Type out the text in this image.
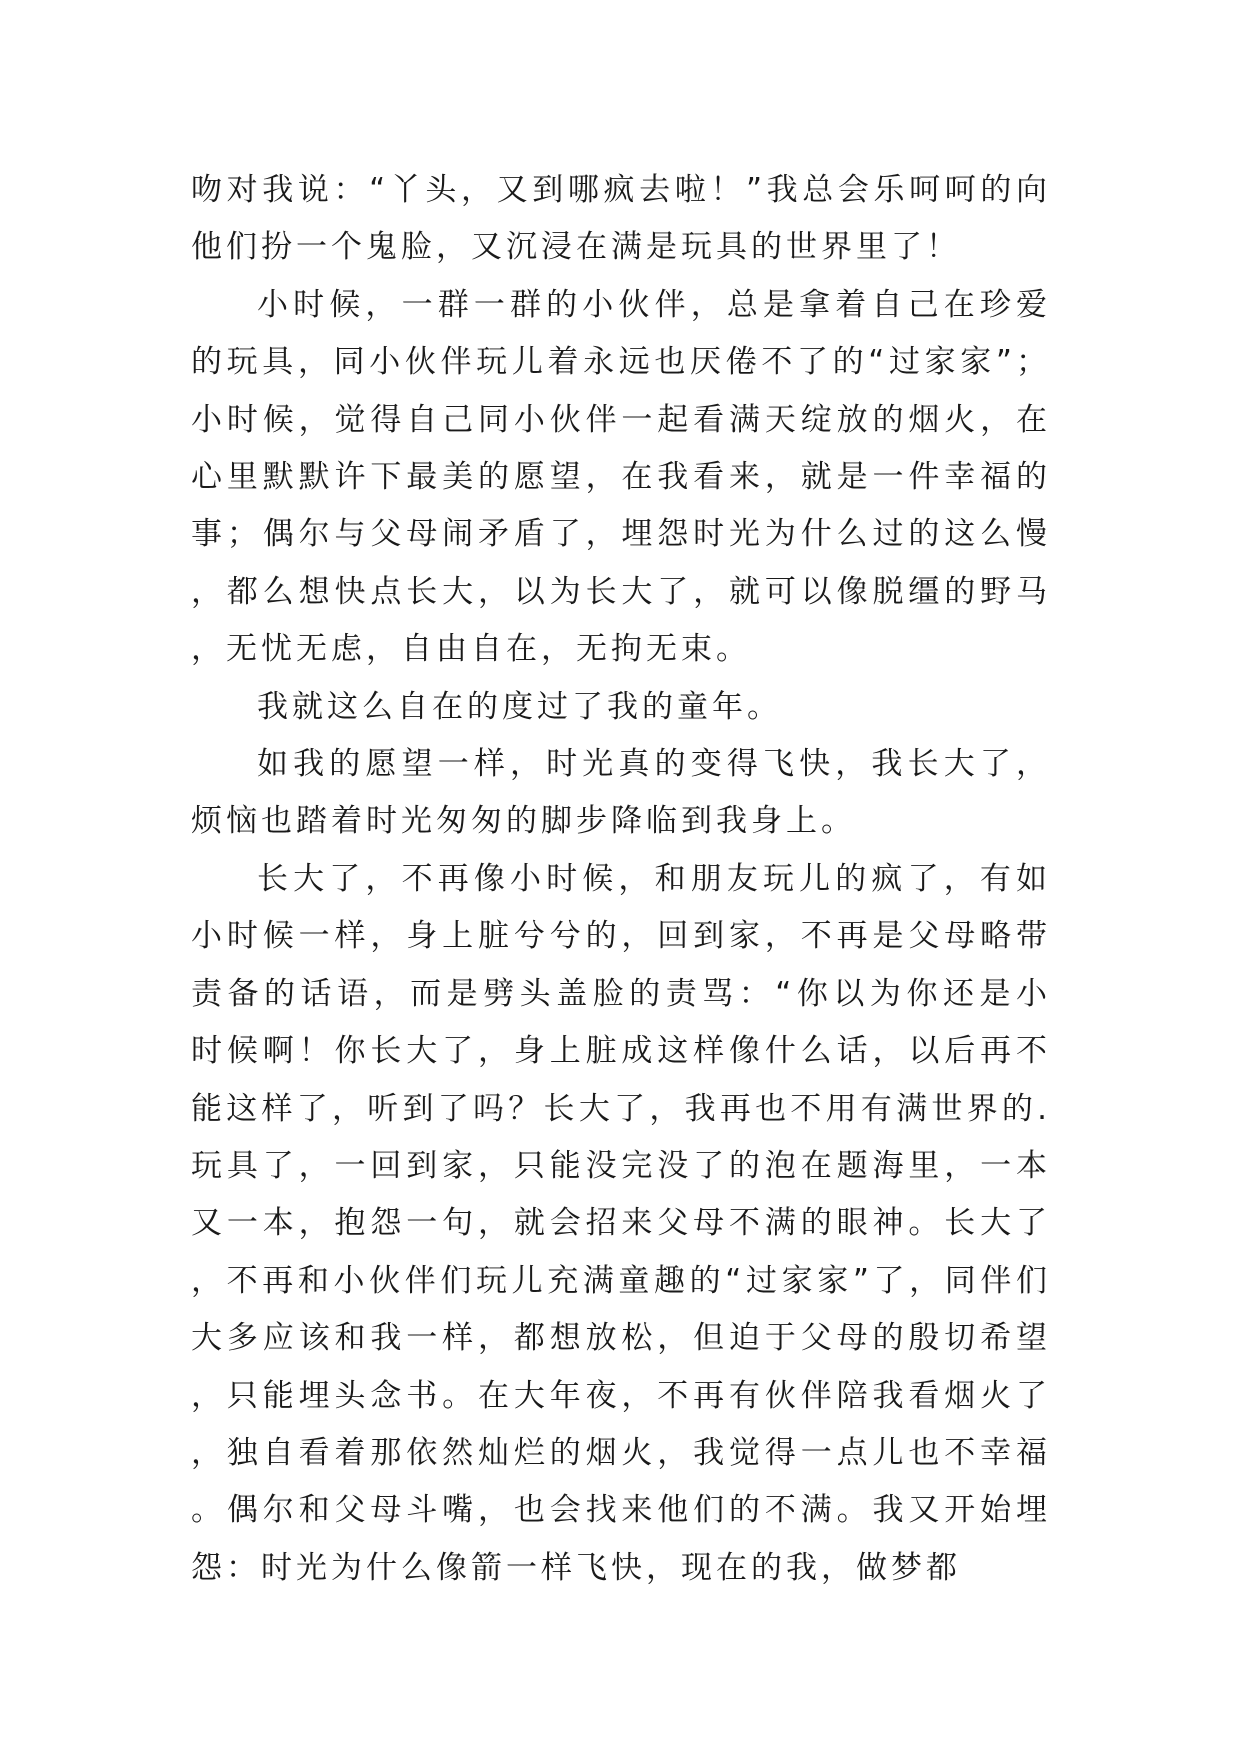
吻对我说：“丫头，又到哪疯去啦！”我总会乐呵呵的向他们扮一个鬼脸，又沉浸在满是玩具的世界里了！

小时候，一群一群的小伙伴，总是拿着自己在珍爱的玩具，同小伙伴玩儿着永远也厌倦不了的“过家家”；小时候，觉得自己同小伙伴一起看满天绽放的烟火，在心里默默许下最美的愿望，在我看来，就是一件幸福的事；偶尔与父母闹矛盾了，埋怨时光为什么过的这么慢，都么想快点长大，以为长大了，就可以像脱缰的野马，无忧无虑，自由自在，无拘无束。

我就这么自在的度过了我的童年。

如我的愿望一样，时光真的变得飞快，我长大了，烦恼也踏着时光匆匆的脚步降临到我身上。

长大了，不再像小时候，和朋友玩儿的疯了，有如小时候一样，身上脏兮兮的，回到家，不再是父母略带责备的话语，而是劈头盖脸的责骂：“你以为你还是小时候啊！你长大了，身上脏成这样像什么话，以后再不能这样了，听到了吗？长大了，我再也不用有满世界的.玩具了，一回到家，只能没完没了的泡在题海里，一本又一本，抱怨一句，就会招来父母不满的眼神。长大了，不再和小伙伴们玩儿充满童趣的“过家家”了，同伴们大多应该和我一样，都想放松，但迫于父母的殷切希望，只能埋头念书。在大年夜，不再有伙伴陪我看烟火了，独自看着那依然灿烂的烟火，我觉得一点儿也不幸福。偶尔和父母斗嘴，也会找来他们的不满。我又开始埋怨：时光为什么像箭一样飞快，现在的我，做梦都
